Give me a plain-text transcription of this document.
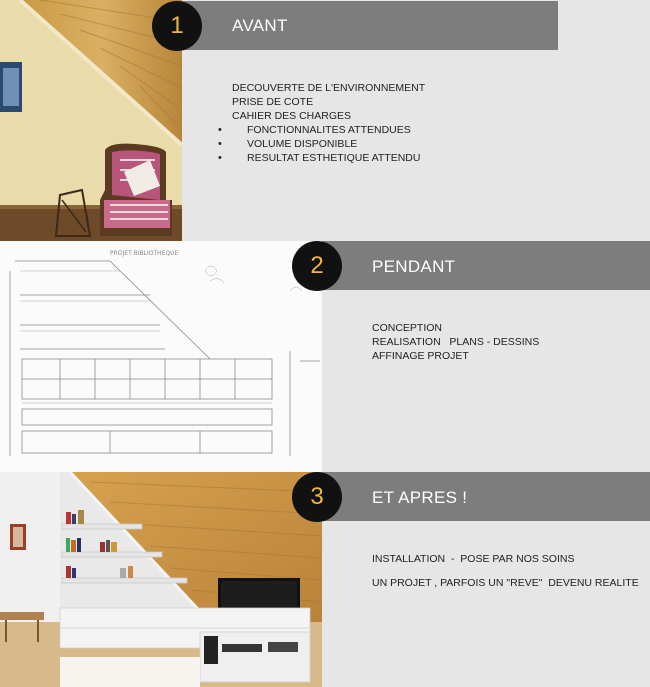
1	AVANT
DECOUVERTE DE L'ENVIRONNEMENT
PRISE DE COTE
CAHIER DES CHARGES
• FONCTIONNALITES ATTENDUES
• VOLUME DISPONIBLE
• RESULTAT ESTHETIQUE ATTENDU
PROJET BIBLIOTHEQUE	2	PENDANT
CONCEPTION
REALISATION   PLANS - DESSINS
AFFINAGE PROJET
3	ET APRES !
INSTALLATION  -  POSE PAR NOS SOINS
UN PROJET , PARFOIS UN "REVE"  DEVENU REALITE
